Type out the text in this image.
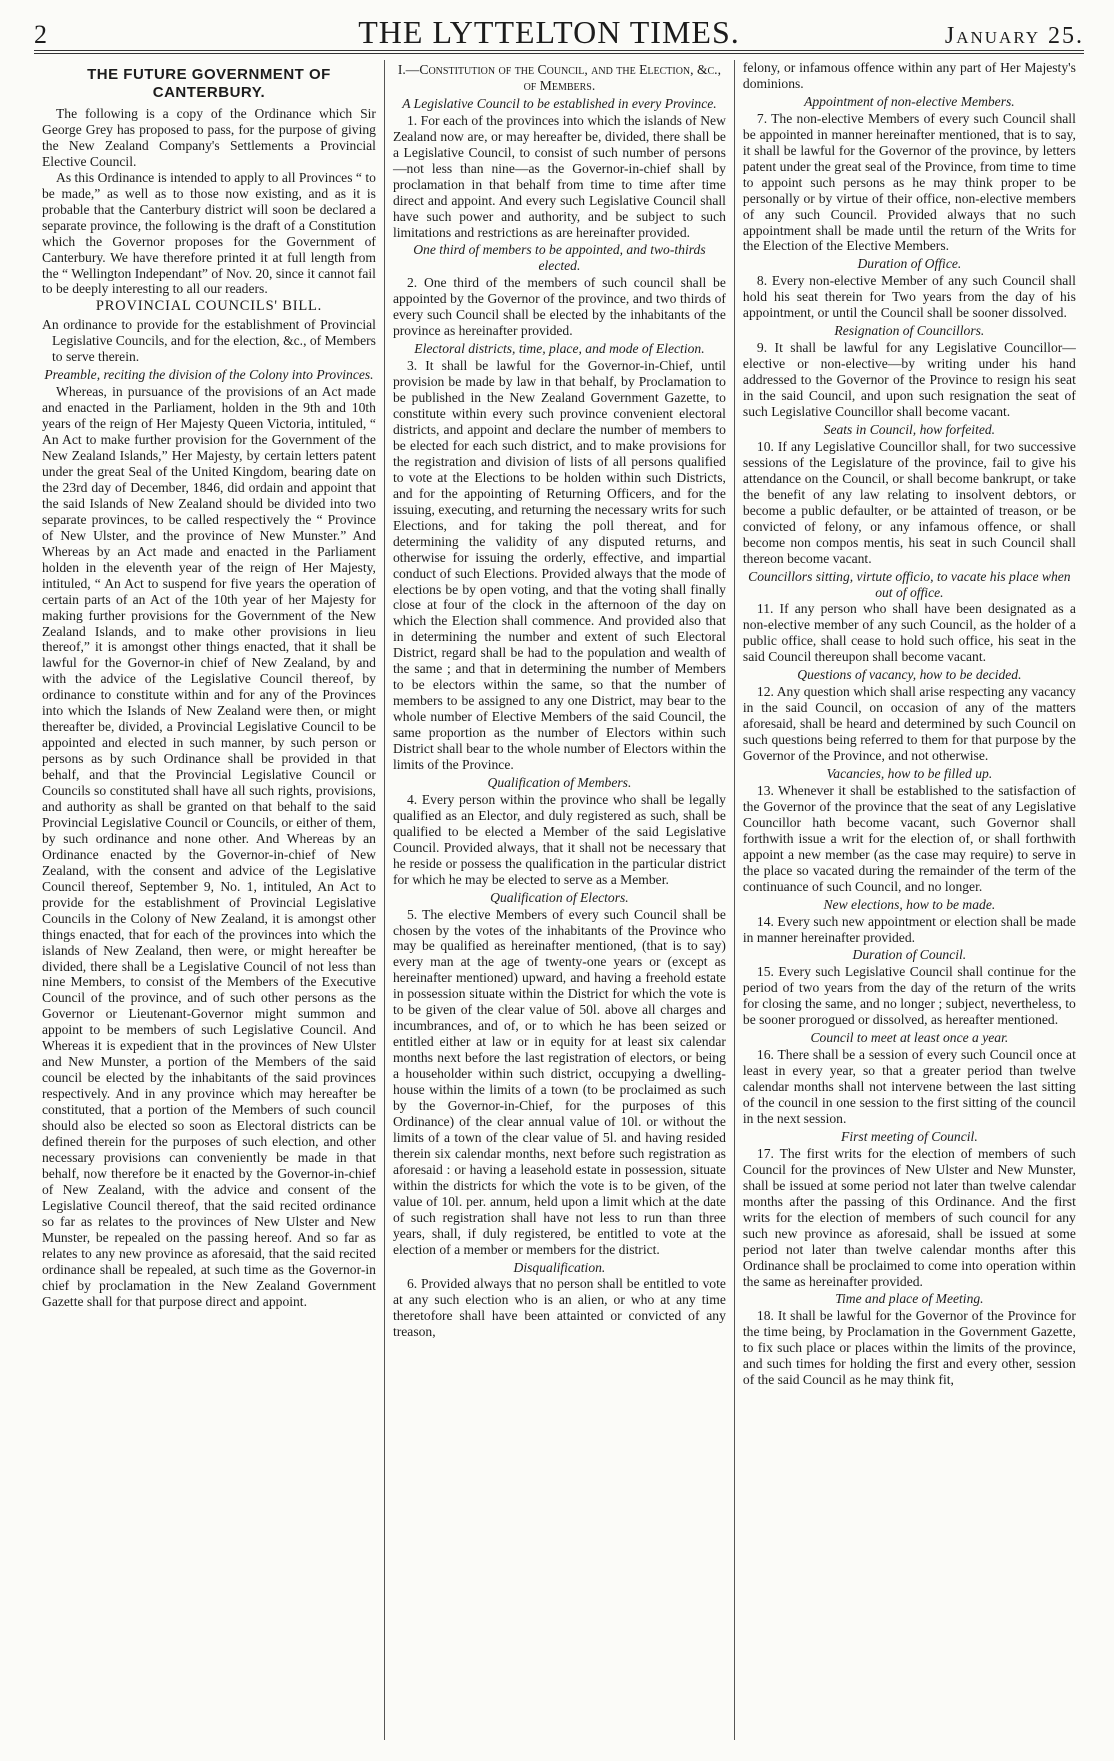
2	THE LYTTELTON TIMES.	January 25.
THE FUTURE GOVERNMENT OF CANTERBURY.

The following is a copy of the Ordinance which Sir George Grey has proposed to pass, for the purpose of giving the New Zealand Company's Settlements a Provincial Elective Council.

As this Ordinance is intended to apply to all Provinces “ to be made,” as well as to those now existing, and as it is probable that the Canterbury district will soon be declared a separate province, the following is the draft of a Constitution which the Governor proposes for the Government of Canterbury. We have therefore printed it at full length from the “ Wellington Independant” of Nov. 20, since it cannot fail to be deeply interesting to all our readers.

PROVINCIAL COUNCILS' BILL.

An ordinance to provide for the establishment of Provincial Legislative Councils, and for the election, &c., of Members to serve therein.

Preamble, reciting the division of the Colony into Provinces.

Whereas, in pursuance of the provisions of an Act made and enacted in the Parliament, holden in the 9th and 10th years of the reign of Her Majesty Queen Victoria, intituled, “ An Act to make further provision for the Government of the New Zealand Islands,” Her Majesty, by certain letters patent under the great Seal of the United Kingdom, bearing date on the 23rd day of December, 1846, did ordain and appoint that the said Islands of New Zealand should be divided into two separate provinces, to be called respectively the “ Province of New Ulster, and the province of New Munster.” And Whereas by an Act made and enacted in the Parliament holden in the eleventh year of the reign of Her Majesty, intituled, “ An Act to suspend for five years the operation of certain parts of an Act of the 10th year of her Majesty for making further provisions for the Government of the New Zealand Islands, and to make other provisions in lieu thereof,” it is amongst other things enacted, that it shall be lawful for the Governor-in chief of New Zealand, by and with the advice of the Legislative Council thereof, by ordinance to constitute within and for any of the Provinces into which the Islands of New Zealand were then, or might thereafter be, divided, a Provincial Legislative Council to be appointed and elected in such manner, by such person or persons as by such Ordinance shall be provided in that behalf, and that the Provincial Legislative Council or Councils so constituted shall have all such rights, provisions, and authority as shall be granted on that behalf to the said Provincial Legislative Council or Councils, or either of them, by such ordinance and none other. And Whereas by an Ordinance enacted by the Governor-in-chief of New Zealand, with the consent and advice of the Legislative Council thereof, September 9, No. 1, intituled, An Act to provide for the establishment of Provincial Legislative Councils in the Colony of New Zealand, it is amongst other things enacted, that for each of the provinces into which the islands of New Zealand, then were, or might hereafter be divided, there shall be a Legislative Council of not less than nine Members, to consist of the Members of the Executive Council of the province, and of such other persons as the Governor or Lieutenant-Governor might summon and appoint to be members of such Legislative Council. And Whereas it is expedient that in the provinces of New Ulster and New Munster, a portion of the Members of the said council be elected by the inhabitants of the said provinces respectively. And in any province which may hereafter be constituted, that a portion of the Members of such council should also be elected so soon as Electoral districts can be defined therein for the purposes of such election, and other necessary provisions can conveniently be made in that behalf, now therefore be it enacted by the Governor-in-chief of New Zealand, with the advice and consent of the Legislative Council thereof, that the said recited ordinance so far as relates to the provinces of New Ulster and New Munster, be repealed on the passing hereof. And so far as relates to any new province as aforesaid, that the said recited ordinance shall be repealed, at such time as the Governor-in chief by proclamation in the New Zealand Government Gazette shall for that purpose direct and appoint.

I.—Constitution of the Council, and the Election, &c., of Members.
A Legislative Council to be established in every Province.

1. For each of the provinces into which the islands of New Zealand now are, or may hereafter be, divided, there shall be a Legislative Council, to consist of such number of persons —not less than nine—as the Governor-in-chief shall by proclamation in that behalf from time to time after time direct and appoint. And every such Legislative Council shall have such power and authority, and be subject to such limitations and restrictions as are hereinafter provided.

One third of members to be appointed, and two-thirds elected.

2. One third of the members of such council shall be appointed by the Governor of the province, and two thirds of every such Council shall be elected by the inhabitants of the province as hereinafter provided.

Electoral districts, time, place, and mode of Election.

3. It shall be lawful for the Governor-in-Chief, until provision be made by law in that behalf, by Proclamation to be published in the New Zealand Government Gazette, to constitute within every such province convenient electoral districts, and appoint and declare the number of members to be elected for each such district, and to make provisions for the registration and division of lists of all persons qualified to vote at the Elections to be holden within such Districts, and for the appointing of Returning Officers, and for the issuing, executing, and returning the necessary writs for such Elections, and for taking the poll thereat, and for determining the validity of any disputed returns, and otherwise for issuing the orderly, effective, and impartial conduct of such Elections. Provided always that the mode of elections be by open voting, and that the voting shall finally close at four of the clock in the afternoon of the day on which the Election shall commence. And provided also that in determining the number and extent of such Electoral District, regard shall be had to the population and wealth of the same ; and that in determining the number of Members to be electors within the same, so that the number of members to be assigned to any one District, may bear to the whole number of Elective Members of the said Council, the same proportion as the number of Electors within such District shall bear to the whole number of Electors within the limits of the Province.

Qualification of Members.

4. Every person within the province who shall be legally qualified as an Elector, and duly registered as such, shall be qualified to be elected a Member of the said Legislative Council. Provided always, that it shall not be necessary that he reside or possess the qualification in the particular district for which he may be elected to serve as a Member.

Qualification of Electors.

5. The elective Members of every such Council shall be chosen by the votes of the inhabitants of the Province who may be qualified as hereinafter mentioned, (that is to say) every man at the age of twenty-one years or (except as hereinafter mentioned) upward, and having a freehold estate in possession situate within the District for which the vote is to be given of the clear value of 50l. above all charges and incumbrances, and of, or to which he has been seized or entitled either at law or in equity for at least six calendar months next before the last registration of electors, or being a householder within such district, occupying a dwelling-house within the limits of a town (to be proclaimed as such by the Governor-in-Chief, for the purposes of this Ordinance) of the clear annual value of 10l. or without the limits of a town of the clear value of 5l. and having resided therein six calendar months, next before such registration as aforesaid : or having a leasehold estate in possession, situate within the districts for which the vote is to be given, of the value of 10l. per. annum, held upon a limit which at the date of such registration shall have not less to run than three years, shall, if duly registered, be entitled to vote at the election of a member or members for the district.

Disqualification.

6. Provided always that no person shall be entitled to vote at any such election who is an alien, or who at any time theretofore shall have been attainted or convicted of any treason,

felony, or infamous offence within any part of Her Majesty's dominions.

Appointment of non-elective Members.

7. The non-elective Members of every such Council shall be appointed in manner hereinafter mentioned, that is to say, it shall be lawful for the Governor of the province, by letters patent under the great seal of the Province, from time to time to appoint such persons as he may think proper to be personally or by virtue of their office, non-elective members of any such Council. Provided always that no such appointment shall be made until the return of the Writs for the Election of the Elective Members.

Duration of Office.

8. Every non-elective Member of any such Council shall hold his seat therein for Two years from the day of his appointment, or until the Council shall be sooner dissolved.

Resignation of Councillors.

9. It shall be lawful for any Legislative Councillor—elective or non-elective—by writing under his hand addressed to the Governor of the Province to resign his seat in the said Council, and upon such resignation the seat of such Legislative Councillor shall become vacant.

Seats in Council, how forfeited.

10. If any Legislative Councillor shall, for two successive sessions of the Legislature of the province, fail to give his attendance on the Council, or shall become bankrupt, or take the benefit of any law relating to insolvent debtors, or become a public defaulter, or be attainted of treason, or be convicted of felony, or any infamous offence, or shall become non compos mentis, his seat in such Council shall thereon become vacant.

Councillors sitting, virtute officio, to vacate his place when out of office.

11. If any person who shall have been designated as a non-elective member of any such Council, as the holder of a public office, shall cease to hold such office, his seat in the said Council thereupon shall become vacant.

Questions of vacancy, how to be decided.

12. Any question which shall arise respecting any vacancy in the said Council, on occasion of any of the matters aforesaid, shall be heard and determined by such Council on such questions being referred to them for that purpose by the Governor of the Province, and not otherwise.

Vacancies, how to be filled up.

13. Whenever it shall be established to the satisfaction of the Governor of the province that the seat of any Legislative Councillor hath become vacant, such Governor shall forthwith issue a writ for the election of, or shall forthwith appoint a new member (as the case may require) to serve in the place so vacated during the remainder of the term of the continuance of such Council, and no longer.

New elections, how to be made.

14. Every such new appointment or election shall be made in manner hereinafter provided.

Duration of Council.

15. Every such Legislative Council shall continue for the period of two years from the day of the return of the writs for closing the same, and no longer ; subject, nevertheless, to be sooner prorogued or dissolved, as hereafter mentioned.

Council to meet at least once a year.

16. There shall be a session of every such Council once at least in every year, so that a greater period than twelve calendar months shall not intervene between the last sitting of the council in one session to the first sitting of the council in the next session.

First meeting of Council.

17. The first writs for the election of members of such Council for the provinces of New Ulster and New Munster, shall be issued at some period not later than twelve calendar months after the passing of this Ordinance. And the first writs for the election of members of such council for any such new province as aforesaid, shall be issued at some period not later than twelve calendar months after this Ordinance shall be proclaimed to come into operation within the same as hereinafter provided.

Time and place of Meeting.

18. It shall be lawful for the Governor of the Province for the time being, by Proclamation in the Government Gazette, to fix such place or places within the limits of the province, and such times for holding the first and every other, session of the said Council as he may think fit,
